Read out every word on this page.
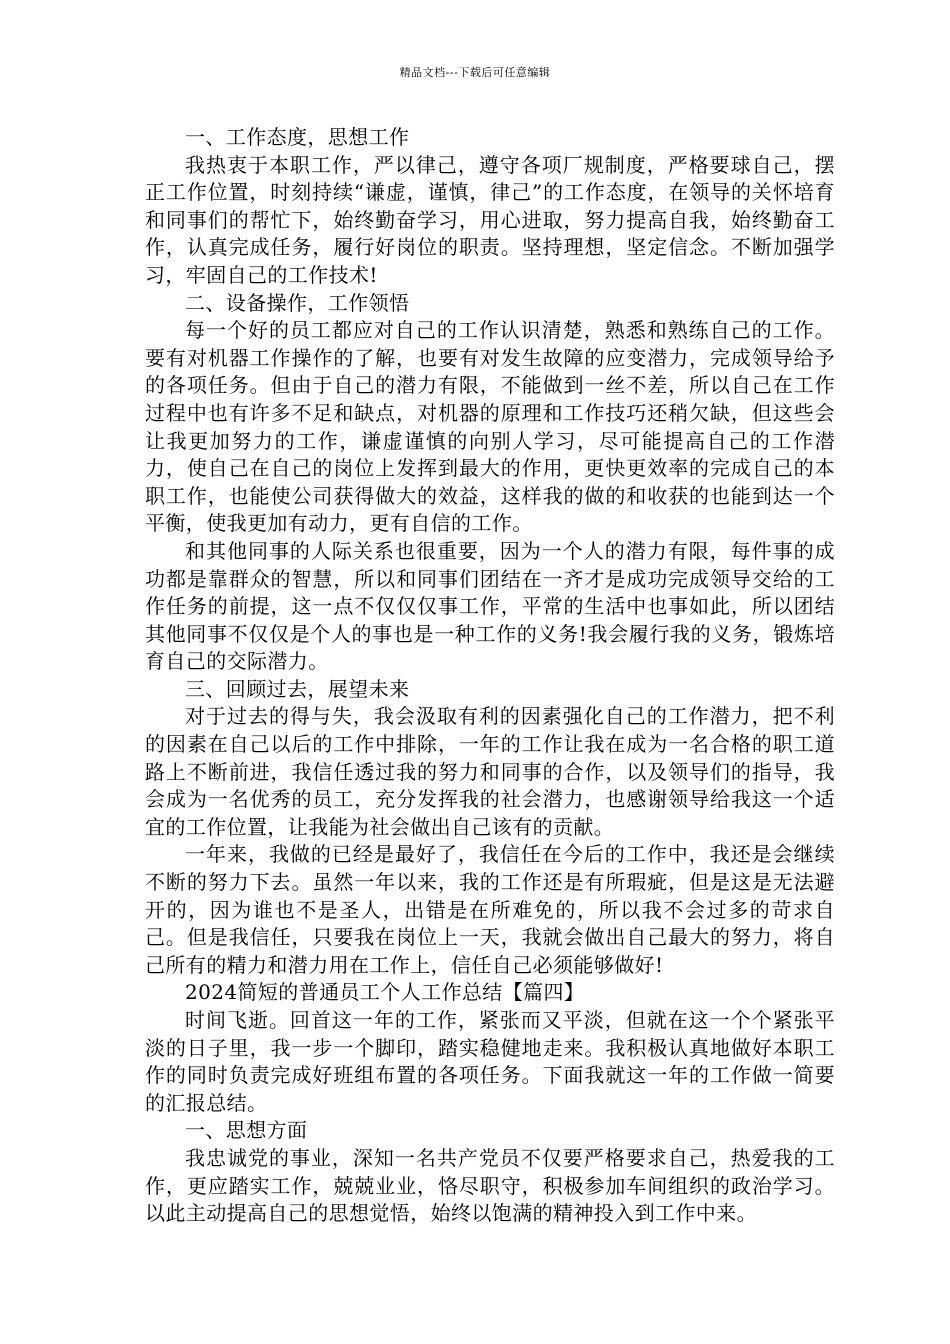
精品文档---下载后可任意编辑

一、工作态度，思想工作

我热衷于本职工作，严以律己，遵守各项厂规制度，严格要球自己，摆正工作位置，时刻持续“谦虚，谨慎，律己”的工作态度，在领导的关怀培育和同事们的帮忙下，始终勤奋学习，用心进取，努力提高自我，始终勤奋工作，认真完成任务，履行好岗位的职责。坚持理想，坚定信念。不断加强学习，牢固自己的工作技术!

二、设备操作，工作领悟

每一个好的员工都应对自己的工作认识清楚，熟悉和熟练自己的工作。要有对机器工作操作的了解，也要有对发生故障的应变潜力，完成领导给予的各项任务。但由于自己的潜力有限，不能做到一丝不差，所以自己在工作过程中也有许多不足和缺点，对机器的原理和工作技巧还稍欠缺，但这些会让我更加努力的工作，谦虚谨慎的向别人学习，尽可能提高自己的工作潜力，使自己在自己的岗位上发挥到最大的作用，更快更效率的完成自己的本职工作，也能使公司获得做大的效益，这样我的做的和收获的也能到达一个平衡，使我更加有动力，更有自信的工作。

和其他同事的人际关系也很重要，因为一个人的潜力有限，每件事的成功都是靠群众的智慧，所以和同事们团结在一齐才是成功完成领导交给的工作任务的前提，这一点不仅仅仅事工作，平常的生活中也事如此，所以团结其他同事不仅仅是个人的事也是一种工作的义务!我会履行我的义务，锻炼培育自己的交际潜力。

三、回顾过去，展望未来

对于过去的得与失，我会汲取有利的因素强化自己的工作潜力，把不利的因素在自己以后的工作中排除，一年的工作让我在成为一名合格的职工道路上不断前进，我信任透过我的努力和同事的合作，以及领导们的指导，我会成为一名优秀的员工，充分发挥我的社会潜力，也感谢领导给我这一个适宜的工作位置，让我能为社会做出自己该有的贡献。

一年来，我做的已经是最好了，我信任在今后的工作中，我还是会继续不断的努力下去。虽然一年以来，我的工作还是有所瑕疵，但是这是无法避开的，因为谁也不是圣人，出错是在所难免的，所以我不会过多的苛求自己。但是我信任，只要我在岗位上一天，我就会做出自己最大的努力，将自己所有的精力和潜力用在工作上，信任自己必须能够做好!

2024简短的普通员工个人工作总结【篇四】

时间飞逝。回首这一年的工作，紧张而又平淡，但就在这一个个紧张平淡的日子里，我一步一个脚印，踏实稳健地走来。我积极认真地做好本职工作的同时负责完成好班组布置的各项任务。下面我就这一年的工作做一简要的汇报总结。

一、思想方面

我忠诚党的事业，深知一名共产党员不仅要严格要求自己，热爱我的工作，更应踏实工作，兢兢业业，恪尽职守，积极参加车间组织的政治学习。以此主动提高自己的思想觉悟，始终以饱满的精神投入到工作中来。
